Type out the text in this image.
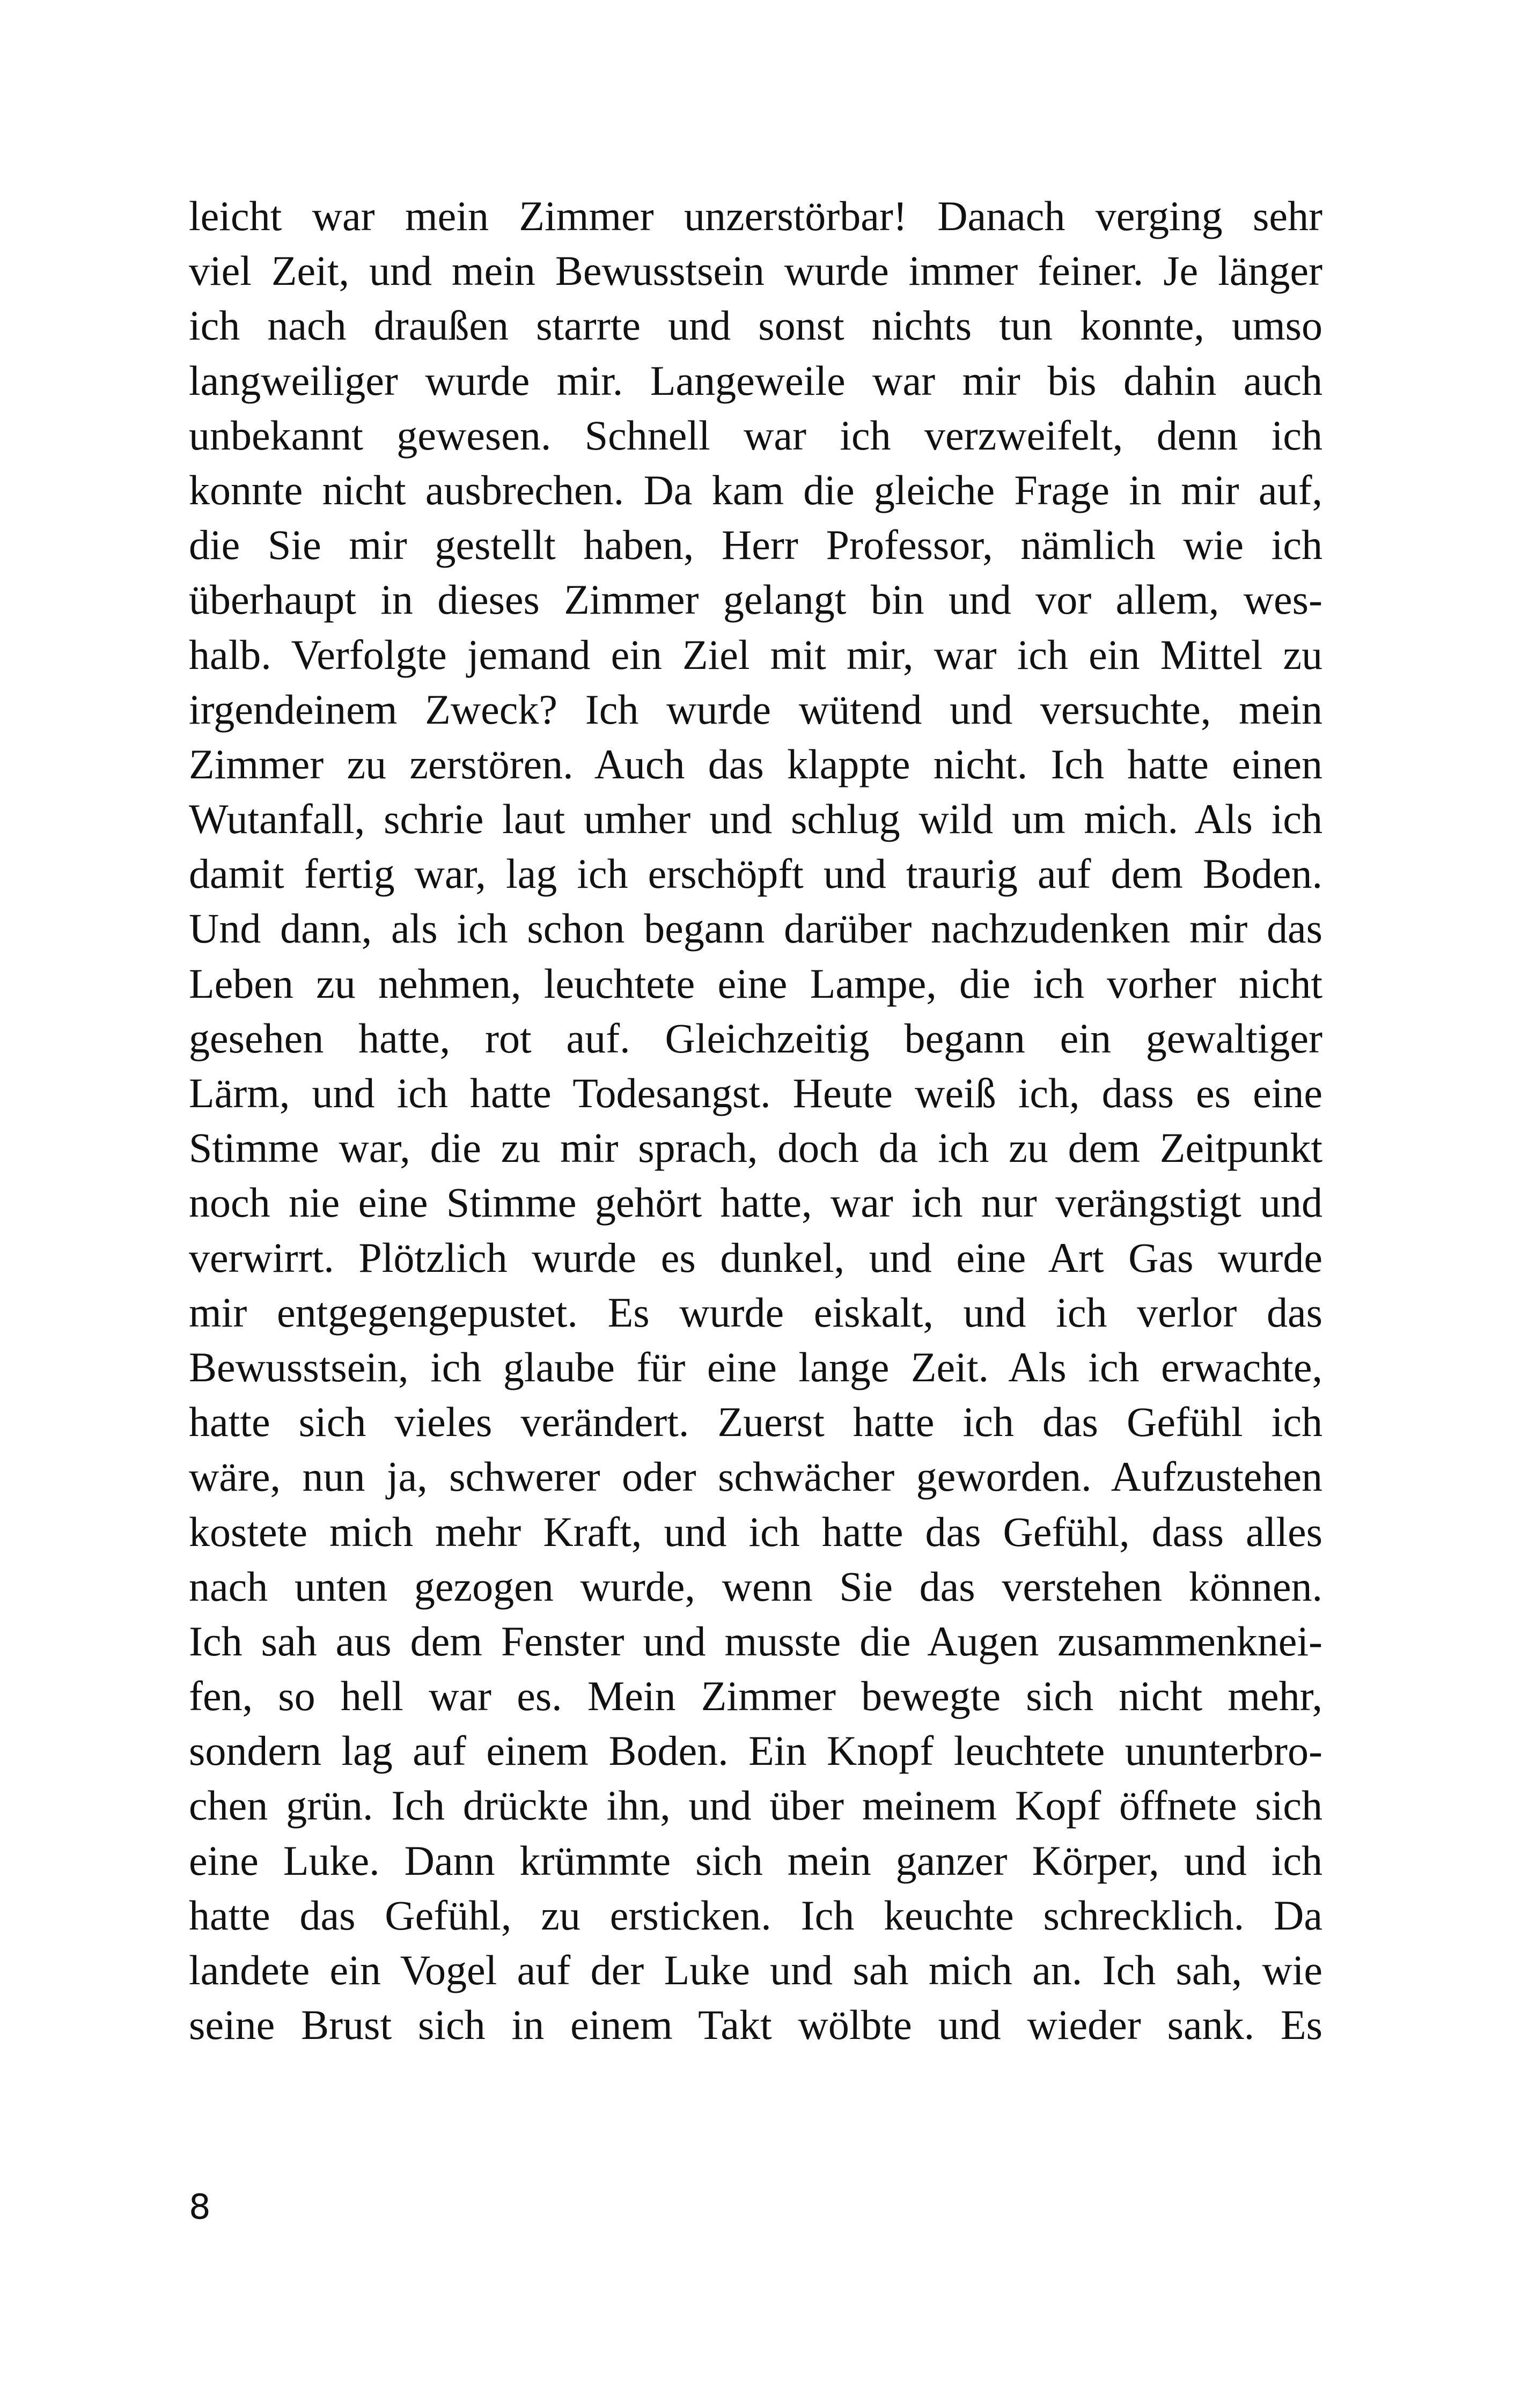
leicht war mein Zimmer unzerstörbar! Danach verging sehr
viel Zeit, und mein Bewusstsein wurde immer feiner. Je länger
ich nach draußen starrte und sonst nichts tun konnte, umso
langweiliger wurde mir. Langeweile war mir bis dahin auch
unbekannt gewesen. Schnell war ich verzweifelt, denn ich
konnte nicht ausbrechen. Da kam die gleiche Frage in mir auf,
die Sie mir gestellt haben, Herr Professor, nämlich wie ich
überhaupt in dieses Zimmer gelangt bin und vor allem, wes-
halb. Verfolgte jemand ein Ziel mit mir, war ich ein Mittel zu
irgendeinem Zweck? Ich wurde wütend und versuchte, mein
Zimmer zu zerstören. Auch das klappte nicht. Ich hatte einen
Wutanfall, schrie laut umher und schlug wild um mich. Als ich
damit fertig war, lag ich erschöpft und traurig auf dem Boden.
Und dann, als ich schon begann darüber nachzudenken mir das
Leben zu nehmen, leuchtete eine Lampe, die ich vorher nicht
gesehen hatte, rot auf. Gleichzeitig begann ein gewaltiger
Lärm, und ich hatte Todesangst. Heute weiß ich, dass es eine
Stimme war, die zu mir sprach, doch da ich zu dem Zeitpunkt
noch nie eine Stimme gehört hatte, war ich nur verängstigt und
verwirrt. Plötzlich wurde es dunkel, und eine Art Gas wurde
mir entgegengepustet. Es wurde eiskalt, und ich verlor das
Bewusstsein, ich glaube für eine lange Zeit. Als ich erwachte,
hatte sich vieles verändert. Zuerst hatte ich das Gefühl ich
wäre, nun ja, schwerer oder schwächer geworden. Aufzustehen
kostete mich mehr Kraft, und ich hatte das Gefühl, dass alles
nach unten gezogen wurde, wenn Sie das verstehen können.
Ich sah aus dem Fenster und musste die Augen zusammenknei-
fen, so hell war es. Mein Zimmer bewegte sich nicht mehr,
sondern lag auf einem Boden. Ein Knopf leuchtete ununterbro-
chen grün. Ich drückte ihn, und über meinem Kopf öffnete sich
eine Luke. Dann krümmte sich mein ganzer Körper, und ich
hatte das Gefühl, zu ersticken. Ich keuchte schrecklich. Da
landete ein Vogel auf der Luke und sah mich an. Ich sah, wie
seine Brust sich in einem Takt wölbte und wieder sank. Es
8
